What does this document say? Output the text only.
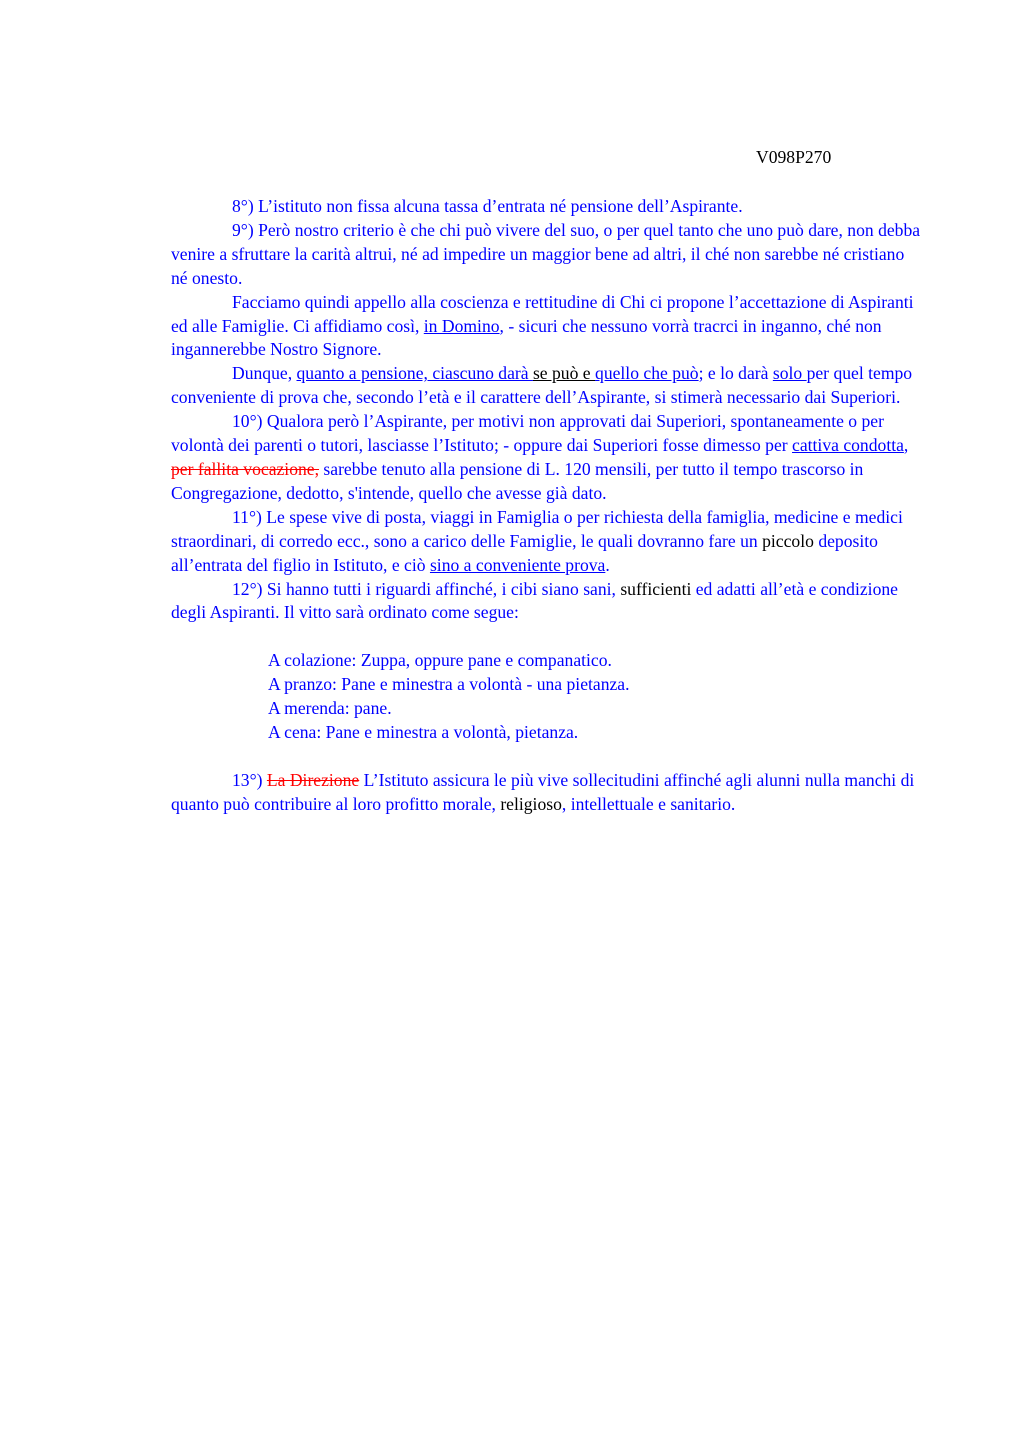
V098P270

8°) L’istituto non fissa alcuna tassa d’entrata né pensione dell’Aspirante.

9°) Però nostro criterio è che chi può vivere del suo, o per quel tanto che uno può dare, non debba venire a sfruttare la carità altrui, né ad impedire un maggior bene ad altri, il ché non sarebbe né cristiano né onesto.

Facciamo quindi appello alla coscienza e rettitudine di Chi ci propone l’accettazione di Aspiranti ed alle Famiglie. Ci affidiamo così, in Domino, - sicuri che nessuno vorrà tracrci in inganno, ché non ingannerebbe Nostro Signore.

Dunque, quanto a pensione, ciascuno darà se può e quello che può; e lo darà solo per quel tempo conveniente di prova che, secondo l’età e il carattere dell’Aspirante, si stimerà necessario dai Superiori.

10°) Qualora però l’Aspirante, per motivi non approvati dai Superiori, spontaneamente o per volontà dei parenti o tutori, lasciasse l’Istituto; - oppure dai Superiori fosse dimesso per cattiva condotta, per fallita vocazione, sarebbe tenuto alla pensione di L. 120 mensili, per tutto il tempo trascorso in Congregazione, dedotto, s'intende, quello che avesse già dato.

11°) Le spese vive di posta, viaggi in Famiglia o per richiesta della famiglia, medicine e medici straordinari, di corredo ecc., sono a carico delle Famiglie, le quali dovranno fare un piccolo deposito all’entrata del figlio in Istituto, e ciò sino a conveniente prova.

12°) Si hanno tutti i riguardi affinché, i cibi siano sani, sufficienti ed adatti all’età e condizione degli Aspiranti. Il vitto sarà ordinato come segue:

A colazione: Zuppa, oppure pane e companatico.
A pranzo: Pane e minestra a volontà - una pietanza.
A merenda: pane.
A cena: Pane e minestra a volontà, pietanza.

13°) La Direzione L’Istituto assicura le più vive sollecitudini affinché agli alunni nulla manchi di quanto può contribuire al loro profitto morale, religioso, intellettuale e sanitario.
